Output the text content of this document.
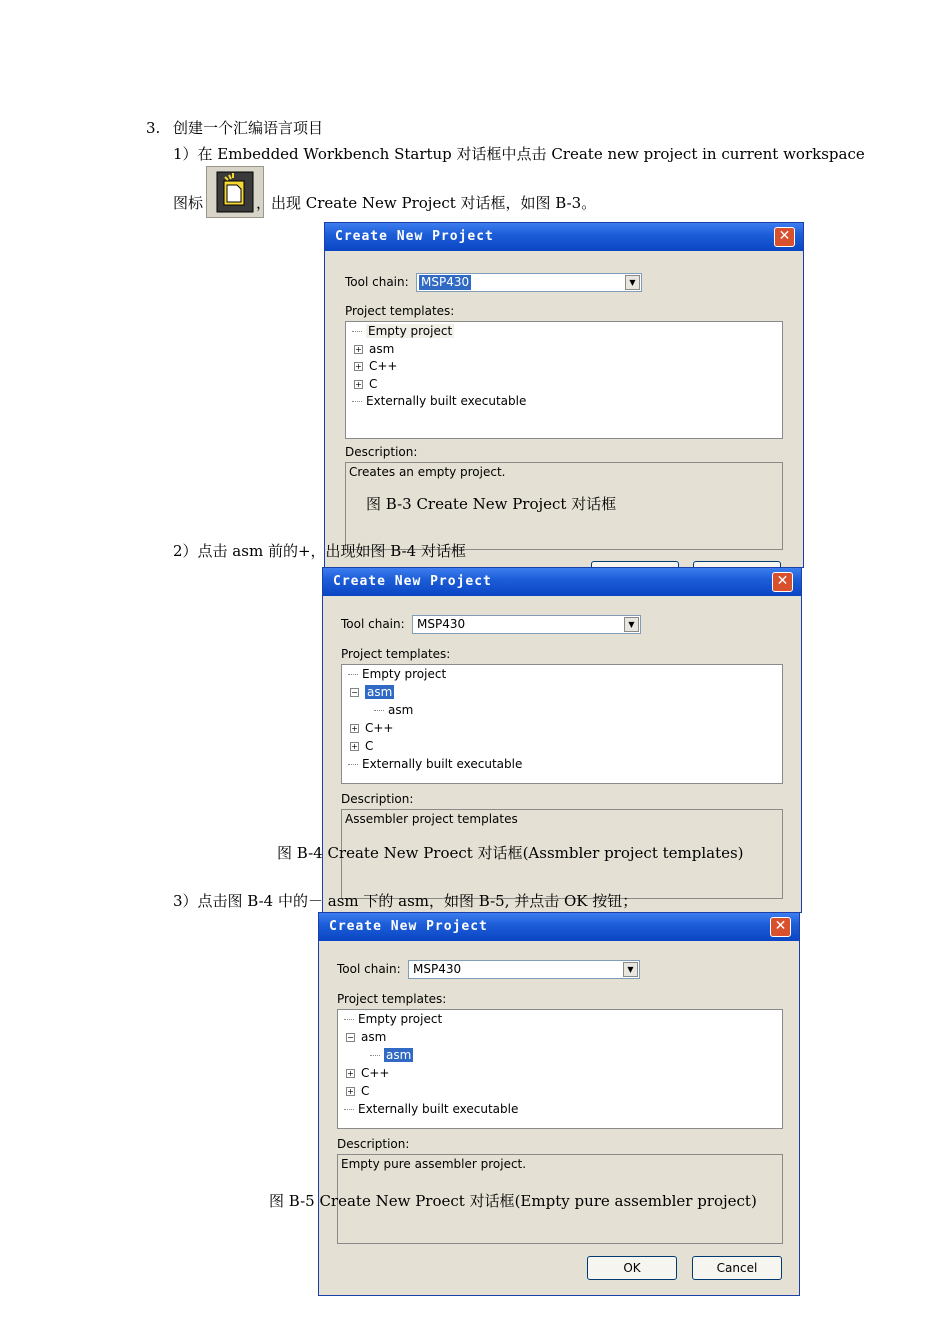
3. 创建一个汇编语言项目
1）在 Embedded Workbench Startup 对话框中点击 Create new project in current workspace
图标	，出现 Create New Project 对话框，如图 B-3。
Create New Project	✕
Tool chain: MSP430	▼
Project templates:
Empty project
+ asm
+ C++
+ C
Externally built executable
Description:
Creates an empty project.
图 B-3 Create New Project 对话框
2）点击 asm 前的+，出现如图 B-4 对话框
Create New Project	✕
Tool chain: MSP430	▼
Project templates:
Empty project
− asm
asm
+ C++
+ C
Externally built executable
Description:
Assembler project templates
图 B-4 Create New Proect 对话框(Assmbler project templates)
3）点击图 B-4 中的－ asm 下的 asm，如图 B-5, 并点击 OK 按钮；
Create New Project	✕
Tool chain: MSP430	▼
Project templates:
Empty project
− asm
asm
+ C++
+ C
Externally built executable
Description:
Empty pure assembler project.
OK	Cancel
图 B-5 Create New Proect 对话框(Empty pure assembler project)
